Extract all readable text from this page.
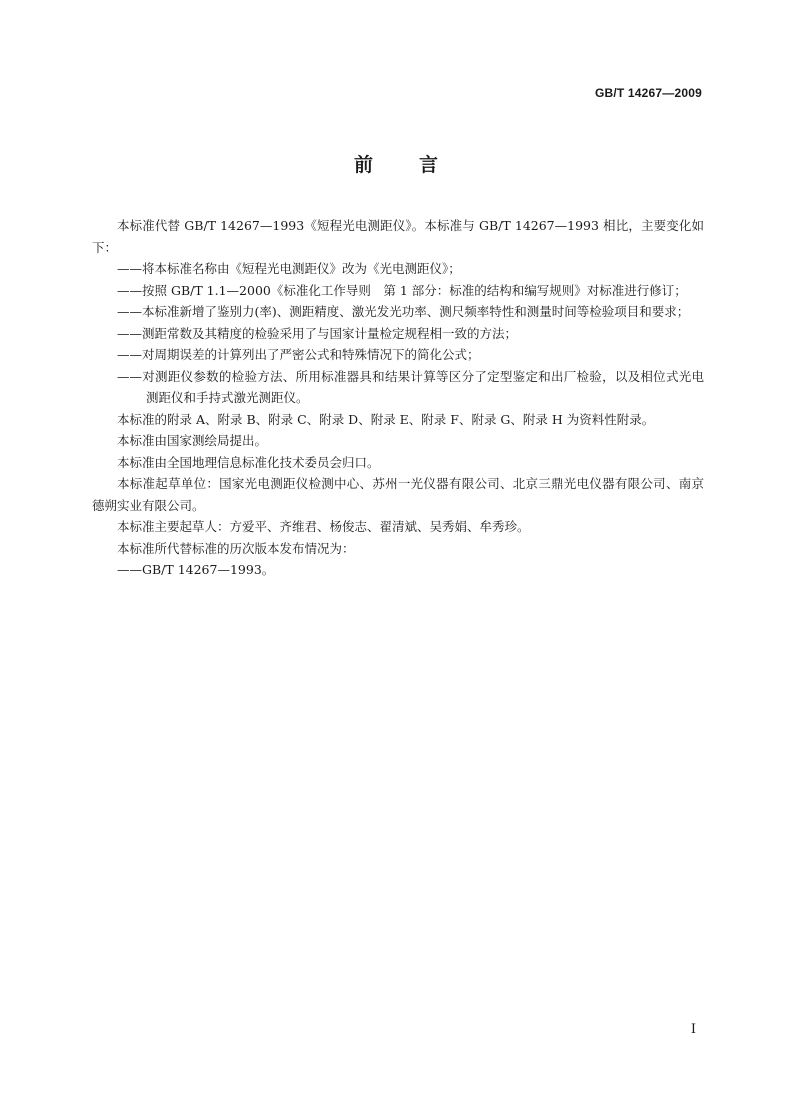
GB/T 14267—2009
前言

本标准代替 GB/T 14267—1993《短程光电测距仪》。本标准与 GB/T 14267—1993 相比，主要变化如下：

——将本标准名称由《短程光电测距仪》改为《光电测距仪》；

——按照 GB/T 1.1—2000《标准化工作导则　第 1 部分：标准的结构和编写规则》对标准进行修订；

——本标准新增了鉴别力(率)、测距精度、激光发光功率、测尺频率特性和测量时间等检验项目和要求；

——测距常数及其精度的检验采用了与国家计量检定规程相一致的方法；

——对周期误差的计算列出了严密公式和特殊情况下的简化公式；

——对测距仪参数的检验方法、所用标准器具和结果计算等区分了定型鉴定和出厂检验，以及相位式光电测距仪和手持式激光测距仪。

本标准的附录 A、附录 B、附录 C、附录 D、附录 E、附录 F、附录 G、附录 H 为资料性附录。

本标准由国家测绘局提出。

本标准由全国地理信息标准化技术委员会归口。

本标准起草单位：国家光电测距仪检测中心、苏州一光仪器有限公司、北京三鼎光电仪器有限公司、南京德朔实业有限公司。

本标准主要起草人：方爱平、齐维君、杨俊志、翟清斌、吴秀娟、牟秀珍。

本标准所代替标准的历次版本发布情况为：

——GB/T 14267—1993。

I
